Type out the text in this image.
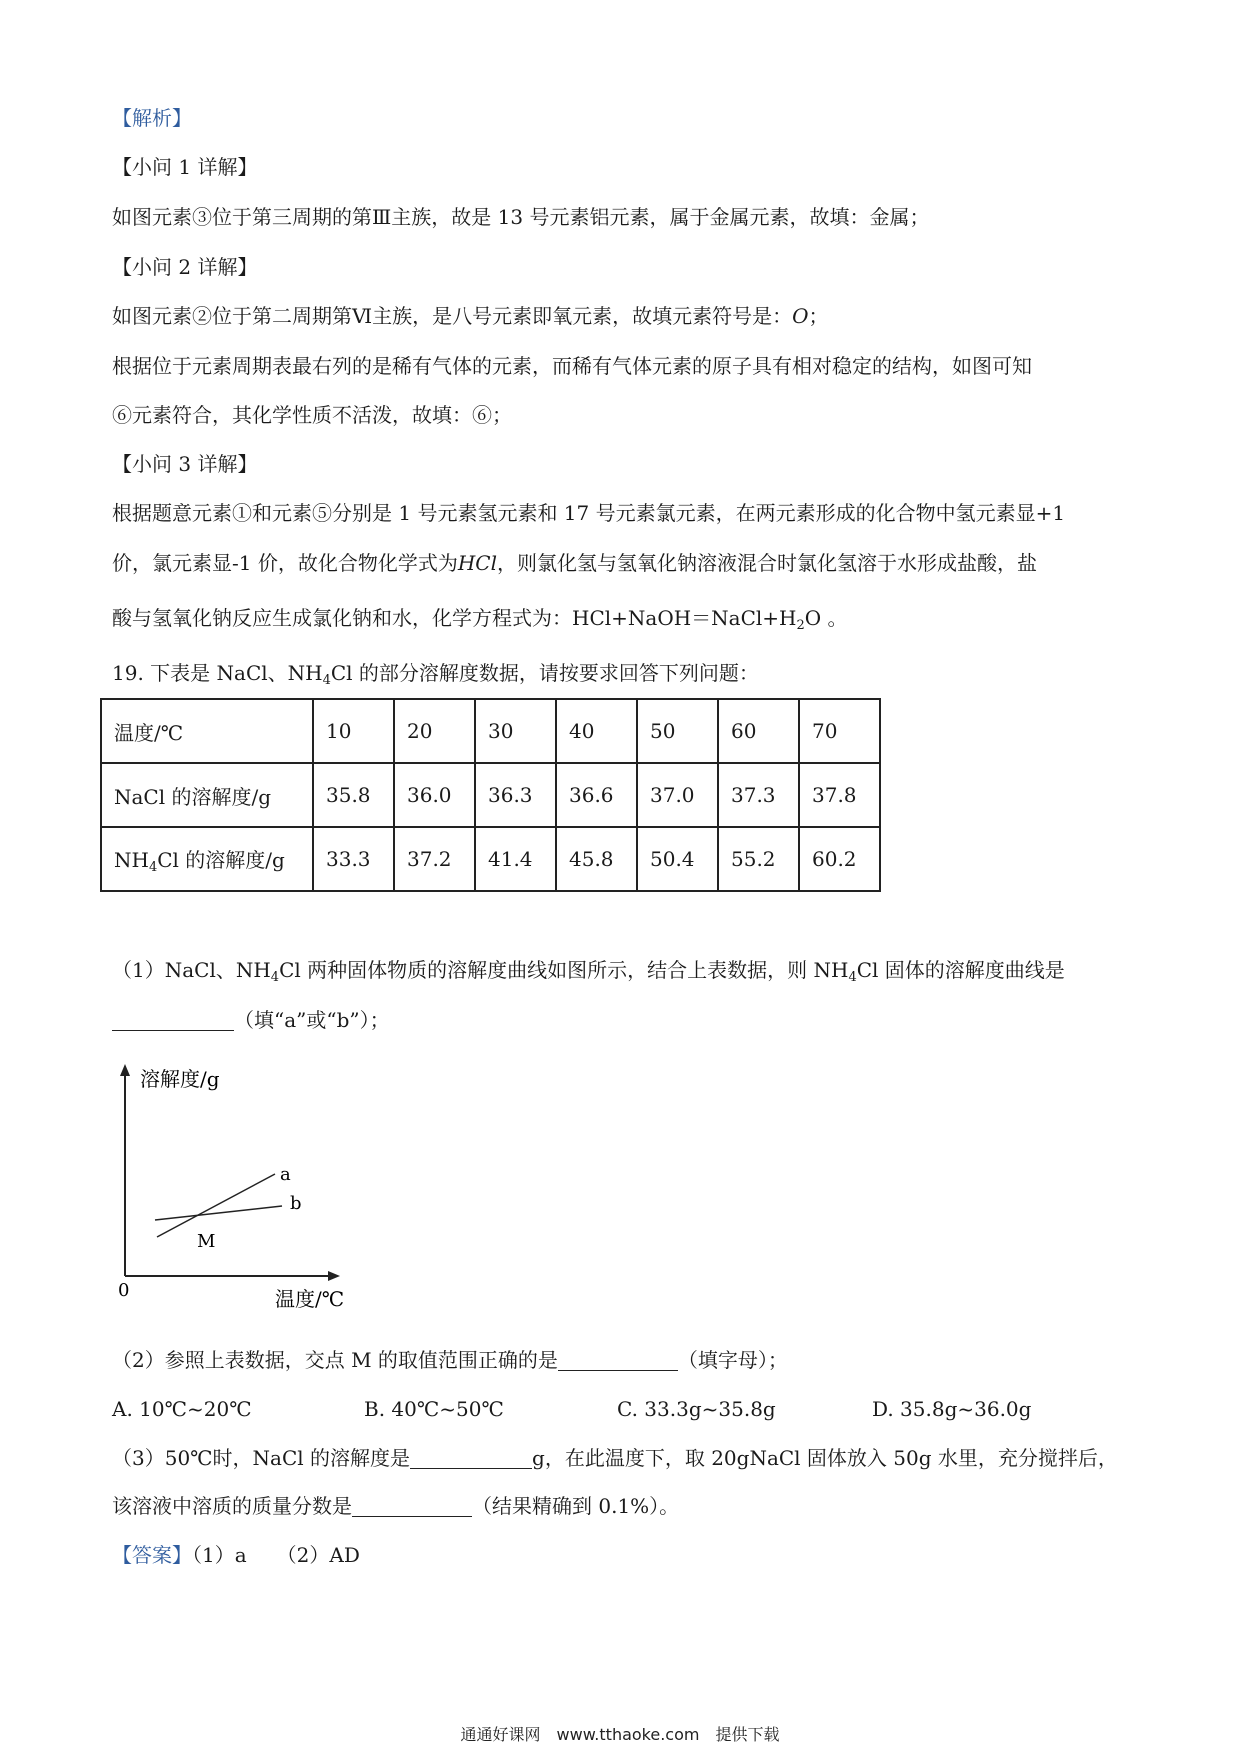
【解析】
【小问 1 详解】
如图元素③位于第三周期的第Ⅲ主族，故是 13 号元素铝元素，属于金属元素，故填：金属；
【小问 2 详解】
如图元素②位于第二周期第Ⅵ主族，是八号元素即氧元素，故填元素符号是：O；
根据位于元素周期表最右列的是稀有气体的元素，而稀有气体元素的原子具有相对稳定的结构，如图可知
⑥元素符合，其化学性质不活泼，故填：⑥；
【小问 3 详解】
根据题意元素①和元素⑤分别是 1 号元素氢元素和 17 号元素氯元素，在两元素形成的化合物中氢元素显+1
价，氯元素显-1 价，故化合物化学式为HCl，则氯化氢与氢氧化钠溶液混合时氯化氢溶于水形成盐酸，盐
酸与氢氧化钠反应生成氯化钠和水，化学方程式为：$HCl+NaOH=NaCl+H_2O$ 。
19. 下表是 NaCl、$NH_4Cl$ 的部分溶解度数据，请按要求回答下列问题：
温度/℃	10	20	30	40	50	60	70
NaCl 的溶解度/g	35.8	36.0	36.3	36.6	37.0	37.3	37.8
$NH_4Cl$ 的溶解度/g	33.3	37.2	41.4	45.8	50.4	55.2	60.2
（1）NaCl、$NH_4Cl$ 两种固体物质的溶解度曲线如图所示，结合上表数据，则 $NH_4Cl$ 固体的溶解度曲线是
（填“a”或“b”）；
溶解度/g
a
b
M
0	温度/℃
（2）参照上表数据，交点 M 的取值范围正确的是	（填字母）；
A. 10℃~20℃	B. 40℃~50℃	C. 33.3g~35.8g	D. 35.8g~36.0g
（3）50℃时，NaCl 的溶解度是	g，在此温度下，取 20gNaCl 固体放入 50g 水里，充分搅拌后，
该溶液中溶质的质量分数是	（结果精确到 0.1%）。
【答案】（1）a　　（2）AD
通通好课网　www.tthaoke.com　提供下载
